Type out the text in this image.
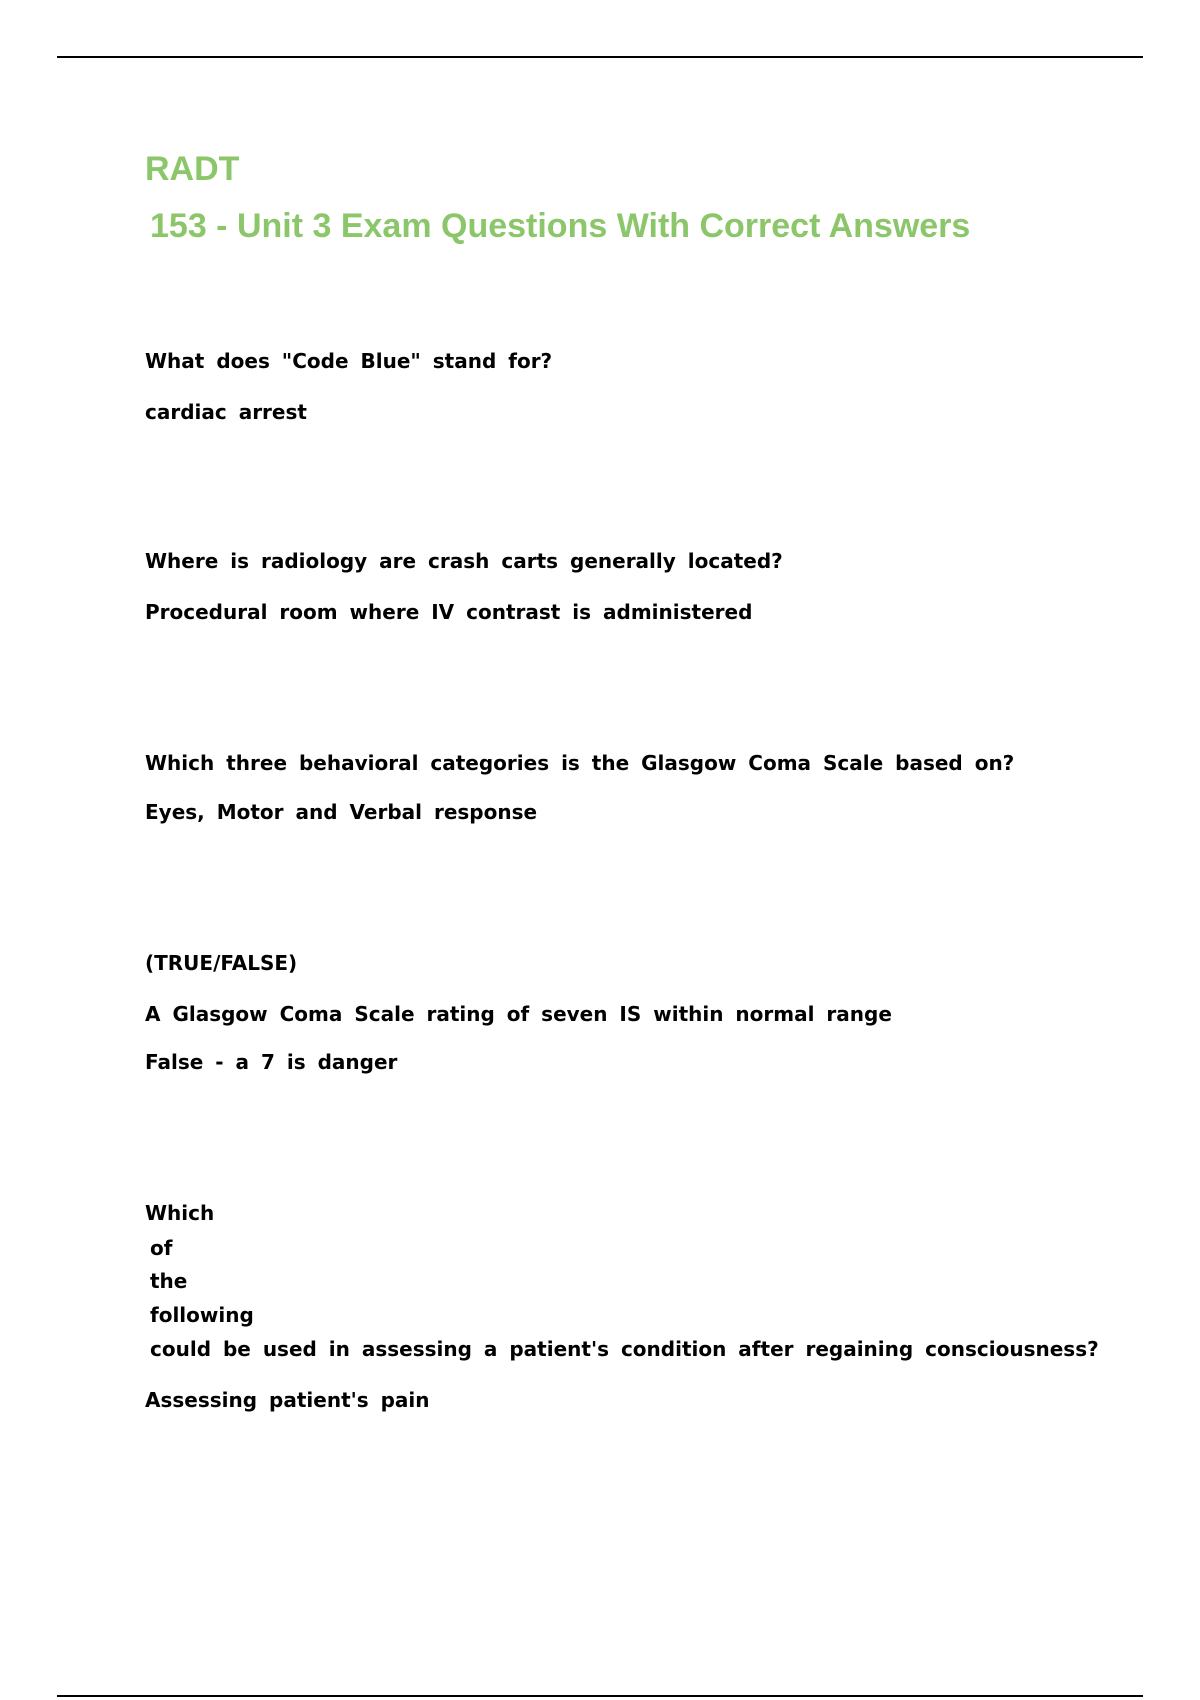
RADT
153 - Unit 3 Exam Questions With Correct Answers

What does "Code Blue" stand for?

cardiac arrest

Where is radiology are crash carts generally located?

Procedural room where IV contrast is administered

Which three behavioral categories is the Glasgow Coma Scale based on?

Eyes, Motor and Verbal response

(TRUE/FALSE)

A Glasgow Coma Scale rating of seven IS within normal range

False - a 7 is danger

Which

of

the

following

could be used in assessing a patient's condition after regaining consciousness?

Assessing patient's pain
